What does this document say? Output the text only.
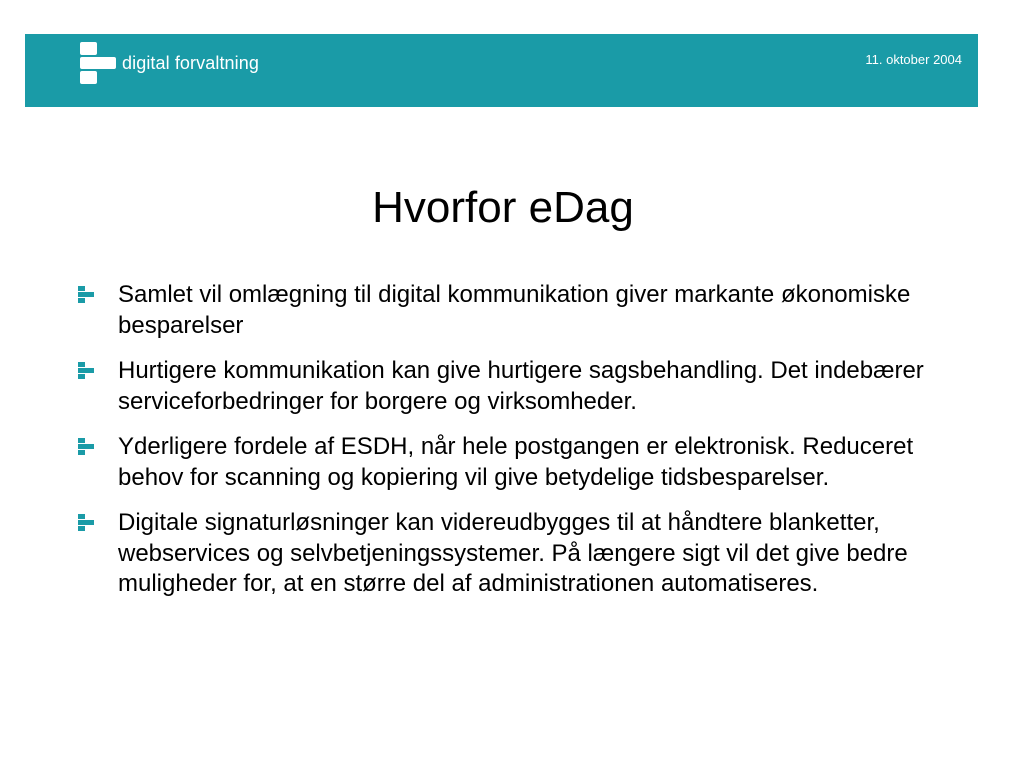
digital forvaltning	11. oktober 2004
Hvorfor eDag

Samlet vil omlægning til digital kommunikation giver markante økonomiske besparelser

Hurtigere kommunikation kan give hurtigere sagsbehandling. Det indebærer serviceforbedringer for borgere og virksomheder.

Yderligere fordele af ESDH, når hele postgangen er elektronisk. Reduceret behov for scanning og kopiering vil give betydelige tidsbesparelser.

Digitale signaturløsninger kan videreudbygges til at håndtere blanketter, webservices og selvbetjeningssystemer. På længere sigt vil det give bedre muligheder for, at en større del af administrationen automatiseres.
